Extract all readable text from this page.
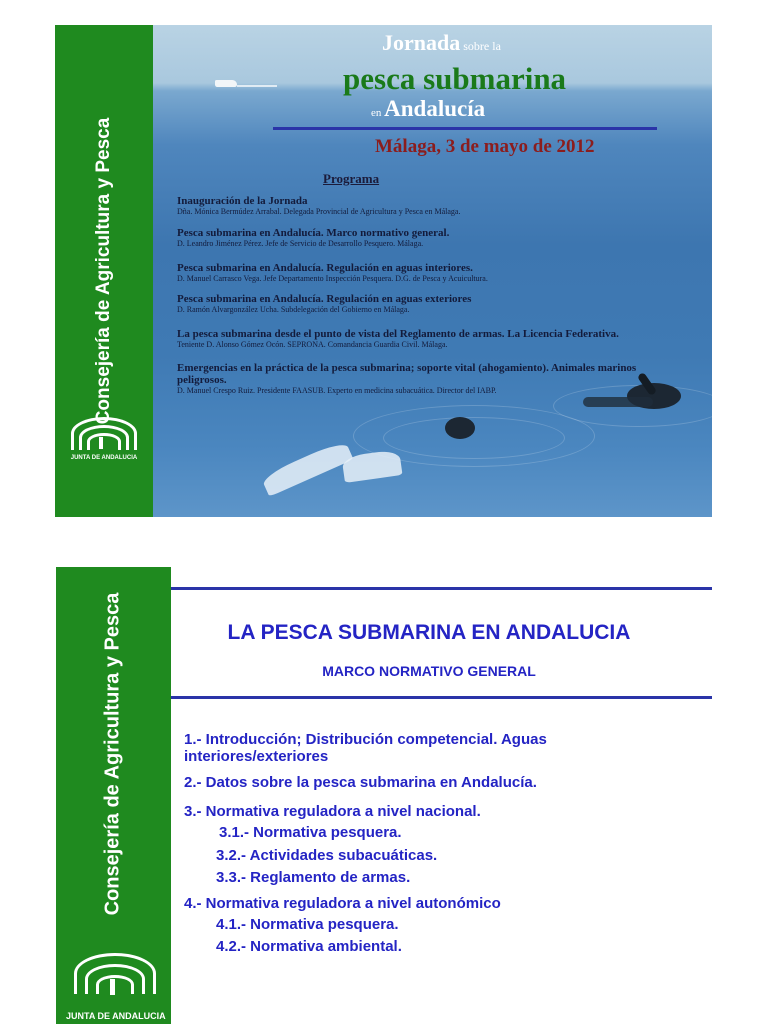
Consejería de Agricultura y Pesca
JUNTA DE ANDALUCIA
Jornada sobre la
pesca submarina
en Andalucía
Málaga, 3 de mayo de 2012
Programa
Inauguración de la Jornada
Dña. Mónica Bermúdez Arrabal. Delegada Provincial de Agricultura y Pesca en Málaga.
Pesca submarina en Andalucía. Marco normativo general.
D. Leandro Jiménez Pérez. Jefe de Servicio de Desarrollo Pesquero. Málaga.
Pesca submarina en Andalucía. Regulación en aguas interiores.
D. Manuel Carrasco Vega. Jefe Departamento Inspección Pesquera. D.G. de Pesca y Acuicultura.
Pesca submarina en Andalucía. Regulación en aguas exteriores
D. Ramón Alvargonzález Ucha. Subdelegación del Gobierno en Málaga.
La pesca submarina desde el punto de vista del Reglamento de armas. La Licencia Federativa.
Teniente D. Alonso Gómez Ocón. SEPRONA. Comandancia Guardia Civil. Málaga.
Emergencias en la práctica de la pesca submarina; soporte vital (ahogamiento). Animales marinos peligrosos.
D. Manuel Crespo Ruiz. Presidente FAASUB. Experto en medicina subacuática. Director del IABP.
Consejería de Agricultura y Pesca
JUNTA DE ANDALUCIA
LA PESCA SUBMARINA EN ANDALUCIA
MARCO NORMATIVO GENERAL
1.- Introducción; Distribución competencial. Aguas interiores/exteriores
2.- Datos sobre la pesca submarina en Andalucía.
3.- Normativa reguladora a nivel nacional.
3.1.- Normativa pesquera.
3.2.- Actividades subacuáticas.
3.3.- Reglamento de armas.
4.- Normativa reguladora a nivel autonómico
4.1.- Normativa pesquera.
4.2.- Normativa ambiental.
